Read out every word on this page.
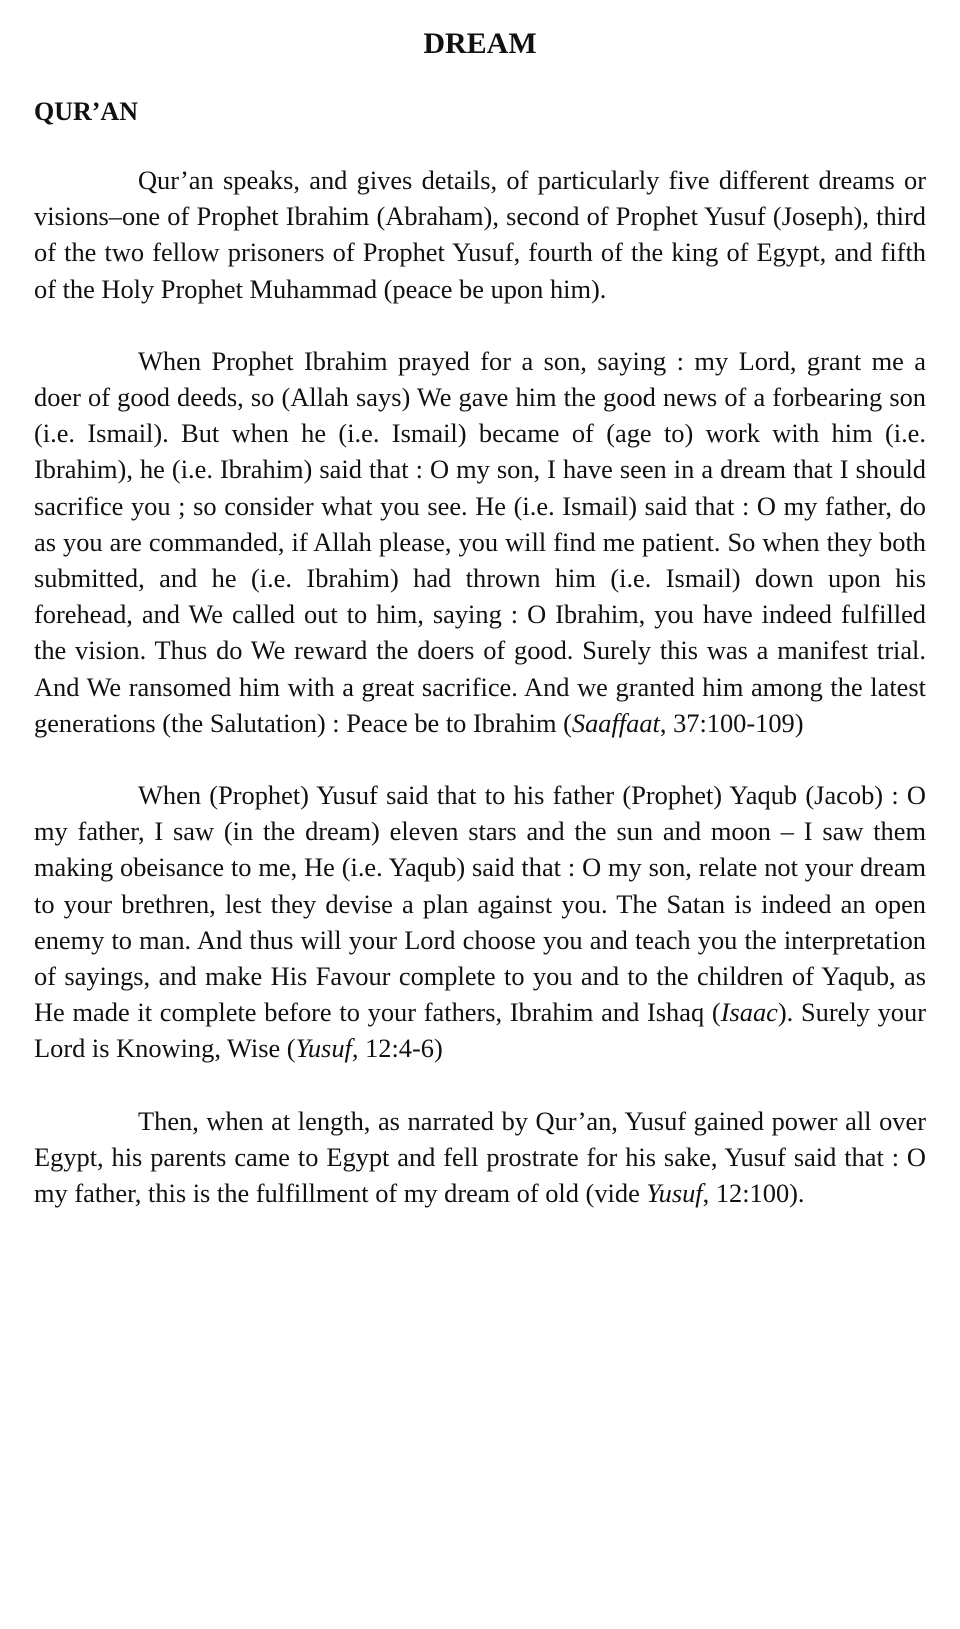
DREAM
QUR’AN

Qur’an speaks, and gives details, of particularly five different dreams or visions–one of Prophet Ibrahim (Abraham), second of Prophet Yusuf (Joseph), third of the two fellow prisoners of Prophet Yusuf, fourth of the king of Egypt, and fifth of the Holy Prophet Muhammad (peace be upon him).

When Prophet Ibrahim prayed for a son, saying : my Lord, grant me a doer of good deeds, so (Allah says) We gave him the good news of a forbearing son (i.e. Ismail). But when he (i.e. Ismail) became of (age to) work with him (i.e. Ibrahim), he (i.e. Ibrahim) said that : O my son, I have seen in a dream that I should sacrifice you ; so consider what you see. He (i.e. Ismail) said that : O my father, do as you are commanded, if Allah please, you will find me patient. So when they both submitted, and he (i.e. Ibrahim) had thrown him (i.e. Ismail) down upon his forehead, and We called out to him, saying : O Ibrahim, you have indeed fulfilled the vision. Thus do We reward the doers of good. Surely this was a manifest trial. And We ransomed him with a great sacrifice. And we granted him among the latest generations (the Salutation) : Peace be to Ibrahim (Saaffaat, 37:100-109)

When (Prophet) Yusuf said that to his father (Prophet) Yaqub (Jacob) : O my father, I saw (in the dream) eleven stars and the sun and moon – I saw them making obeisance to me, He (i.e. Yaqub) said that : O my son, relate not your dream to your brethren, lest they devise a plan against you. The Satan is indeed an open enemy to man. And thus will your Lord choose you and teach you the interpretation of sayings, and make His Favour complete to you and to the children of Yaqub, as He made it complete before to your fathers, Ibrahim and Ishaq (Isaac). Surely your Lord is Knowing, Wise (Yusuf, 12:4-6)

Then, when at length, as narrated by Qur’an, Yusuf gained power all over Egypt, his parents came to Egypt and fell prostrate for his sake, Yusuf said that : O my father, this is the fulfillment of my dream of old (vide Yusuf, 12:100).
